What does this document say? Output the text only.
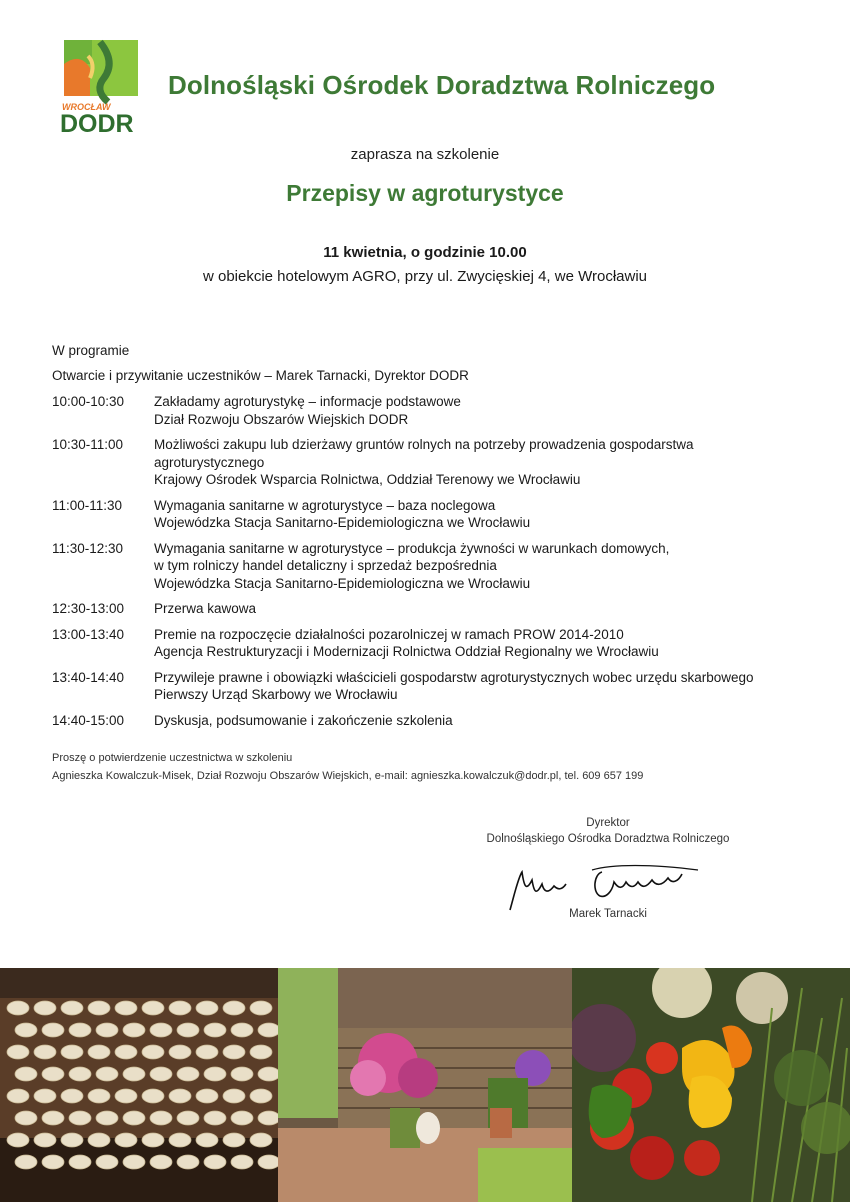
WROCŁAW
DODR
Dolnośląski Ośrodek Doradztwa Rolniczego
zaprasza na szkolenie
Przepisy w agroturystyce
11 kwietnia, o godzinie 10.00
w obiekcie hotelowym AGRO, przy ul. Zwycięskiej 4, we Wrocławiu
W programie
Otwarcie i przywitanie uczestników – Marek Tarnacki, Dyrektor DODR
10:00-10:30	Zakładamy agroturystykę – informacje podstawowe
Dział Rozwoju Obszarów Wiejskich DODR
10:30-11:00	Możliwości zakupu lub dzierżawy gruntów rolnych na potrzeby prowadzenia gospodarstwa
agroturystycznego
Krajowy Ośrodek Wsparcia Rolnictwa, Oddział Terenowy we Wrocławiu
11:00-11:30	Wymagania sanitarne w agroturystyce – baza noclegowa
Wojewódzka Stacja Sanitarno-Epidemiologiczna we Wrocławiu
11:30-12:30	Wymagania sanitarne w agroturystyce – produkcja żywności w warunkach domowych,
w tym rolniczy handel detaliczny i sprzedaż bezpośrednia
Wojewódzka Stacja Sanitarno-Epidemiologiczna we Wrocławiu
12:30-13:00	Przerwa kawowa
13:00-13:40	Premie na rozpoczęcie działalności pozarolniczej w ramach PROW 2014-2010
Agencja Restrukturyzacji i Modernizacji Rolnictwa Oddział Regionalny we Wrocławiu
13:40-14:40	Przywileje prawne i obowiązki właścicieli gospodarstw agroturystycznych wobec urzędu skarbowego
Pierwszy Urząd Skarbowy we Wrocławiu
14:40-15:00	Dyskusja, podsumowanie i zakończenie szkolenia
Proszę o potwierdzenie uczestnictwa w szkoleniu
Agnieszka Kowalczuk-Misek, Dział Rozwoju Obszarów Wiejskich, e-mail: agnieszka.kowalczuk@dodr.pl, tel. 609 657 199
Dyrektor
Dolnośląskiego Ośrodka Doradztwa Rolniczego
Marek Tarnacki
